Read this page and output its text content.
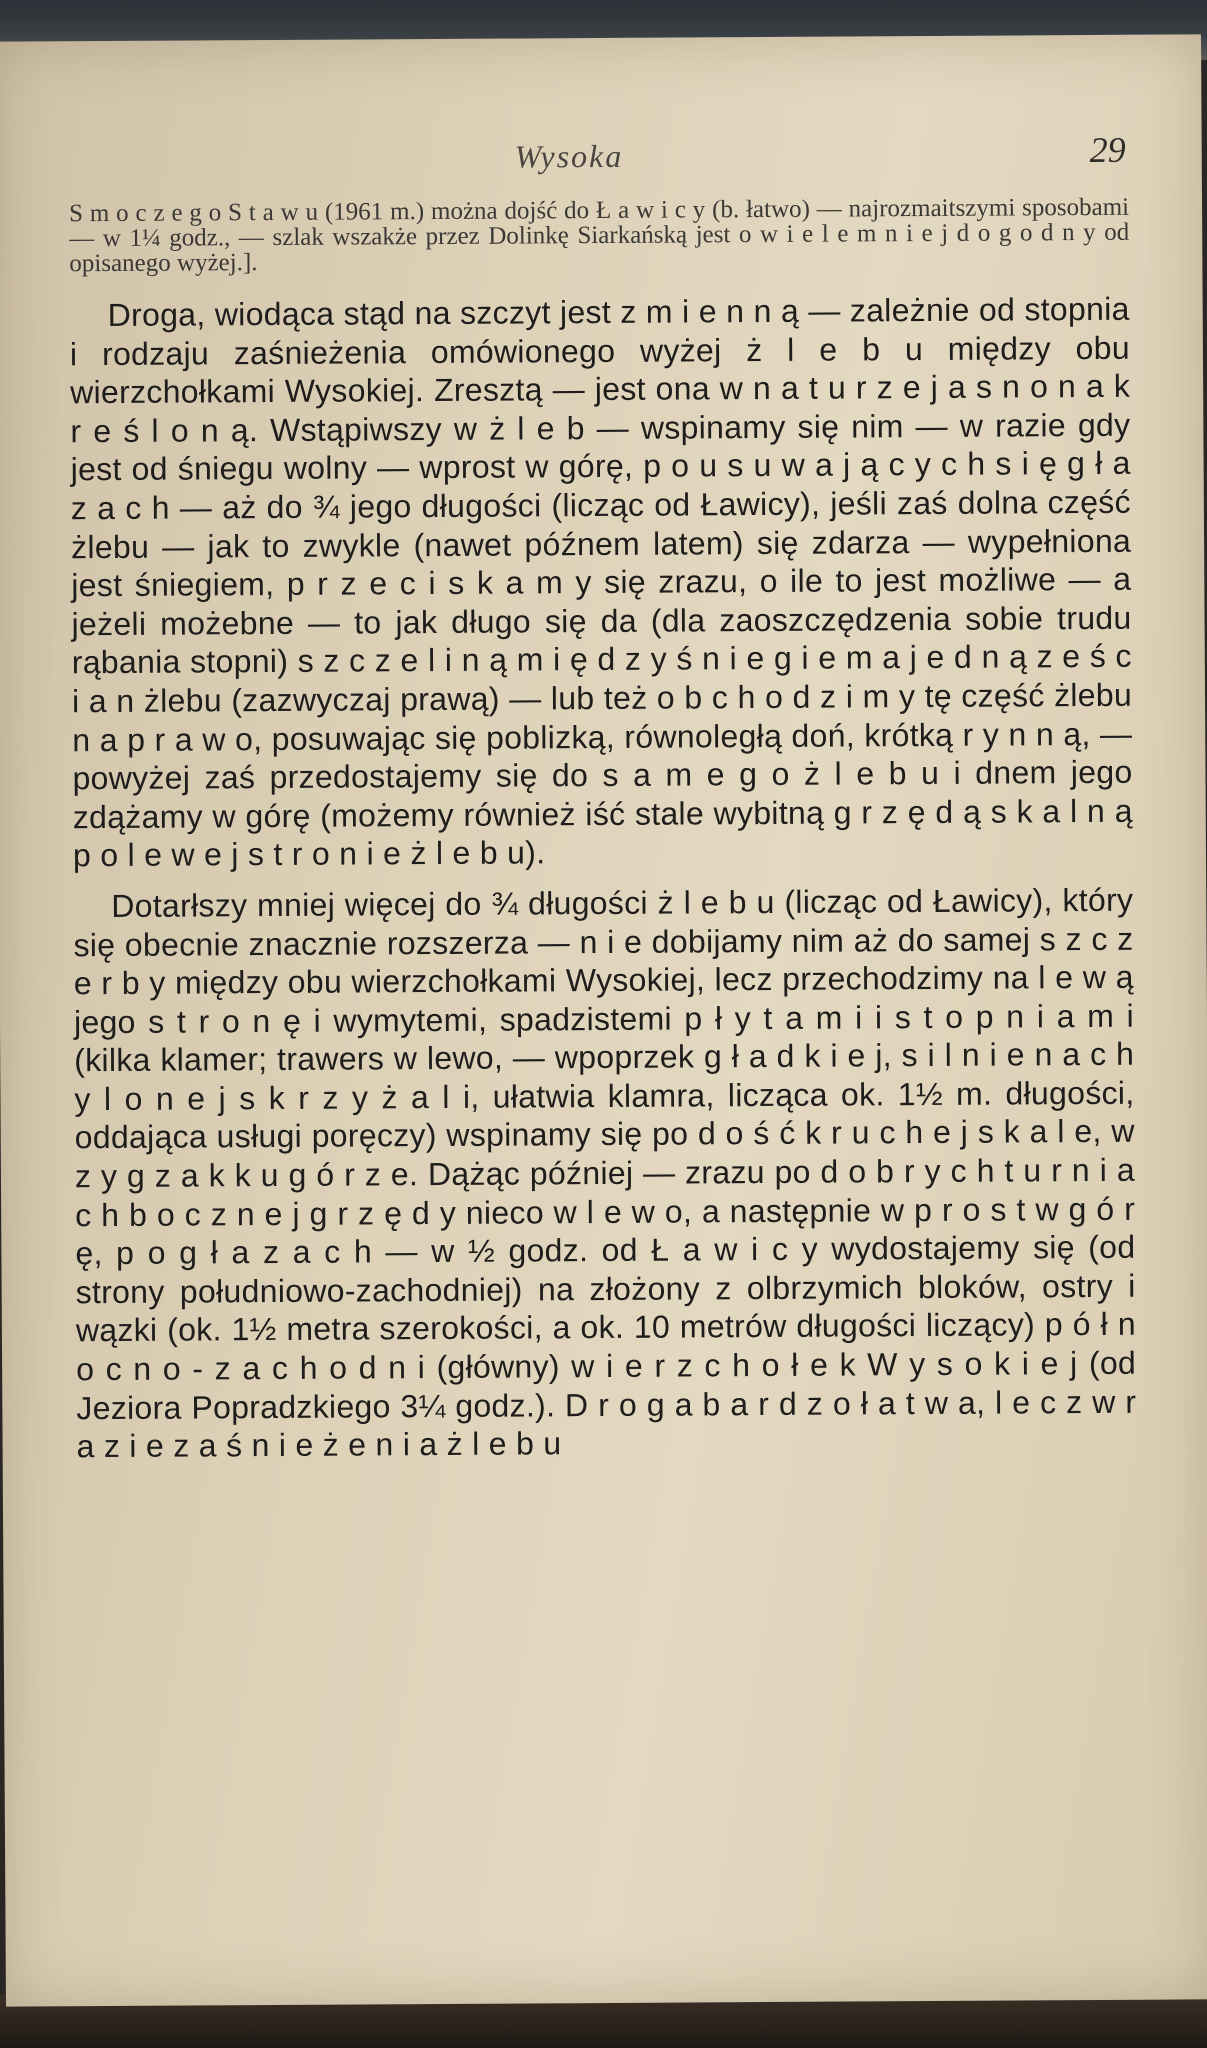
Wysoka	29

S m o c z e g o S t a w u (1961 m.) można dojść do Ł a w i c y (b. łatwo) — najrozmaitszymi sposobami — w 1¼ godz., — szlak wszakże przez Dolinkę Siarkańską jest o w i e l e m n i e j d o g o d n y od opisanego wyżej.].

Droga, wiodąca stąd na szczyt jest z m i e n n ą — zależnie od stopnia i rodzaju zaśnieżenia omówionego wyżej ż l e b u między obu wierzchołkami Wysokiej. Zresztą — jest ona w n a t u r z e j a s n o n a k r e ś l o n ą. Wstąpiwszy w ż l e b — wspinamy się nim — w razie gdy jest od śniegu wolny — wprost w górę, p o u s u w a j ą c y c h s i ę g ł a z a c h — aż do ¾ jego długości (licząc od Ławicy), jeśli zaś dolna część żlebu — jak to zwykle (nawet późnem latem) się zdarza — wypełniona jest śniegiem, p r z e c i s k a m y się zrazu, o ile to jest możliwe — a jeżeli możebne — to jak długo się da (dla zaoszczędzenia sobie trudu rąbania stopni) s z c z e l i n ą m i ę d z y ś n i e g i e m a j e d n ą z e ś c i a n żlebu (zazwyczaj prawą) — lub też o b c h o d z i m y tę część żlebu n a p r a w o, posuwając się poblizką, równoległą doń, krótką r y n n ą, — powyżej zaś przedostajemy się do s a m e g o ż l e b u i dnem jego zdążamy w górę (możemy również iść stale wybitną g r z ę d ą s k a l n ą p o l e w e j s t r o n i e ż l e b u).

Dotarłszy mniej więcej do ¾ długości ż l e b u (licząc od Ławicy), który się obecnie znacznie rozszerza — n i e dobijamy nim aż do samej s z c z e r b y między obu wierzchołkami Wysokiej, lecz przechodzimy na l e w ą jego s t r o n ę i wymytemi, spadzistemi p ł y t a m i i s t o p n i a m i (kilka klamer; trawers w lewo, — wpoprzek g ł a d k i e j, s i l n i e n a c h y l o n e j s k r z y ż a l i, ułatwia klamra, licząca ok. 1½ m. długości, oddająca usługi poręczy) wspinamy się po d o ś ć k r u c h e j s k a l e, w z y g z a k k u g ó r z e. Dążąc później — zrazu po d o b r y c h t u r n i a c h b o c z n e j g r z ę d y nieco w l e w o, a następnie w p r o s t w g ó r ę, p o g ł a z a c h — w ½ godz. od Ł a w i c y wydostajemy się (od strony południowo-zachodniej) na złożony z olbrzymich bloków, ostry i wązki (ok. 1½ metra szerokości, a ok. 10 metrów długości liczący) p ó ł n o c n o - z a c h o d n i (główny) w i e r z c h o ł e k W y s o k i e j (od Jeziora Popradzkiego 3¼ godz.). D r o g a b a r d z o ł a t w a, l e c z w r a z i e z a ś n i e ż e n i a ż l e b u
